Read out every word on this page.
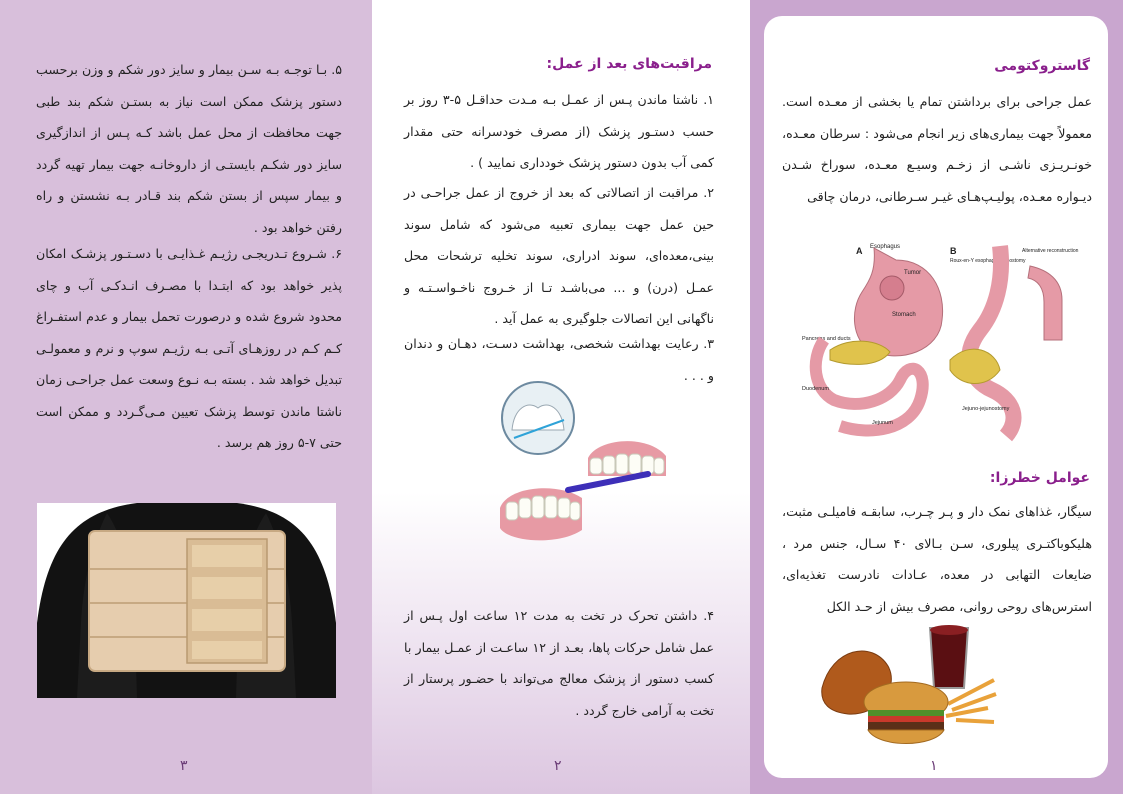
۵. بـا توجـه بـه سـن بیمار و سایز دور شکم و وزن برحسب دستور پزشک ممکن است نیاز به بستـن شکم بند طبی جهت محافظت از محل عمل باشد کـه پـس از اندازگیری سایز دور شکـم بایستـی از داروخانـه جهت بیمار تهیه گردد و بیمار سپس از بستن شکم بند قـادر بـه نشستن و راه رفتن خواهد بود .
۶. شـروع تـدریجـی رژیـم غـذایـی با دسـتـور پزشـک امکان پذیر خواهد بود که ابتـدا با مصـرف انـدکـی آب و چای محدود شروع شده و درصورت تحمل بیمار و عدم استفـراغ کـم کـم در روزهـای آتـی بـه رژیـم سوپ و نرم و معمولـی تبدیل خواهد شد . بسته بـه نـوع وسعت عمل جراحـی زمان ناشتا ماندن توسط پزشک تعیین مـی‌گـردد و ممکن است حتی ۷-۵ روز هم برسد .
۳
مراقبت‌های بعد از عمل:
۱. ناشتا ماندن پـس از عمـل بـه مـدت حداقـل ۵-۳ روز بر حسب دستـور پزشک (از مصرف خودسرانه حتی مقدار کمی آب بدون دستور پزشک خودداری نمایید ) .
۲. مراقبت از اتصالاتی که بعد از خروج از عمل جراحـی در حین عمل جهت بیماری تعبیه می‌شود که شامل سوند بینی،معده‌ای، سوند ادراری، سوند تخلیه ترشحات محل عمـل (درن) و ... می‌باشـد تـا از خـروج ناخـواسـتـه و ناگهانی این اتصالات جلوگیری به عمل آید .
۳. رعایت بهداشت شخصی، بهداشت دسـت، دهـان و دندان و . . .
۴. داشتن تحرک در تخت به مدت ۱۲ ساعت اول پـس از عمل شامل حرکات پاها، بعـد از ۱۲ ساعـت از عمـل بیمار با کسب دستور از پزشک معالج می‌تواند با حضـور پرستار از تخت به آرامی خارج گردد .
۲
گاستروکتومی
عمل جراحی برای برداشتن تمام یا بخشی از معـده است. معمولاً جهت بیماری‌های زیر انجام می‌شود : سرطان معـده، خونـریـزی ناشـی از زخـم وسیـع معـده، سوراخ شـدن دیـواره معـده، پولیـپ‌هـای غیـر سـرطانی، درمان چاقی
A Esophagus
Tumor
Stomach
Pancreas and ducts
Duodenum
Jejunum
B
Roux-en-Y esophago-jejunostomy
Alternative reconstruction
Jejuno-jejunostomy
عوامل خطرزا:
سیگار، غذاهای نمک دار و پـر چـرب، سابقـه فامیلـی مثبت، هلیکوباکتـری پیلوری، سـن بـالای ۴۰ سـال، جنس مرد ، ضایعات التهابی در معده، عـادات نادرست تغذیه‌ای، استرس‌های روحی روانی، مصرف بیش از حـد الکل
۱
